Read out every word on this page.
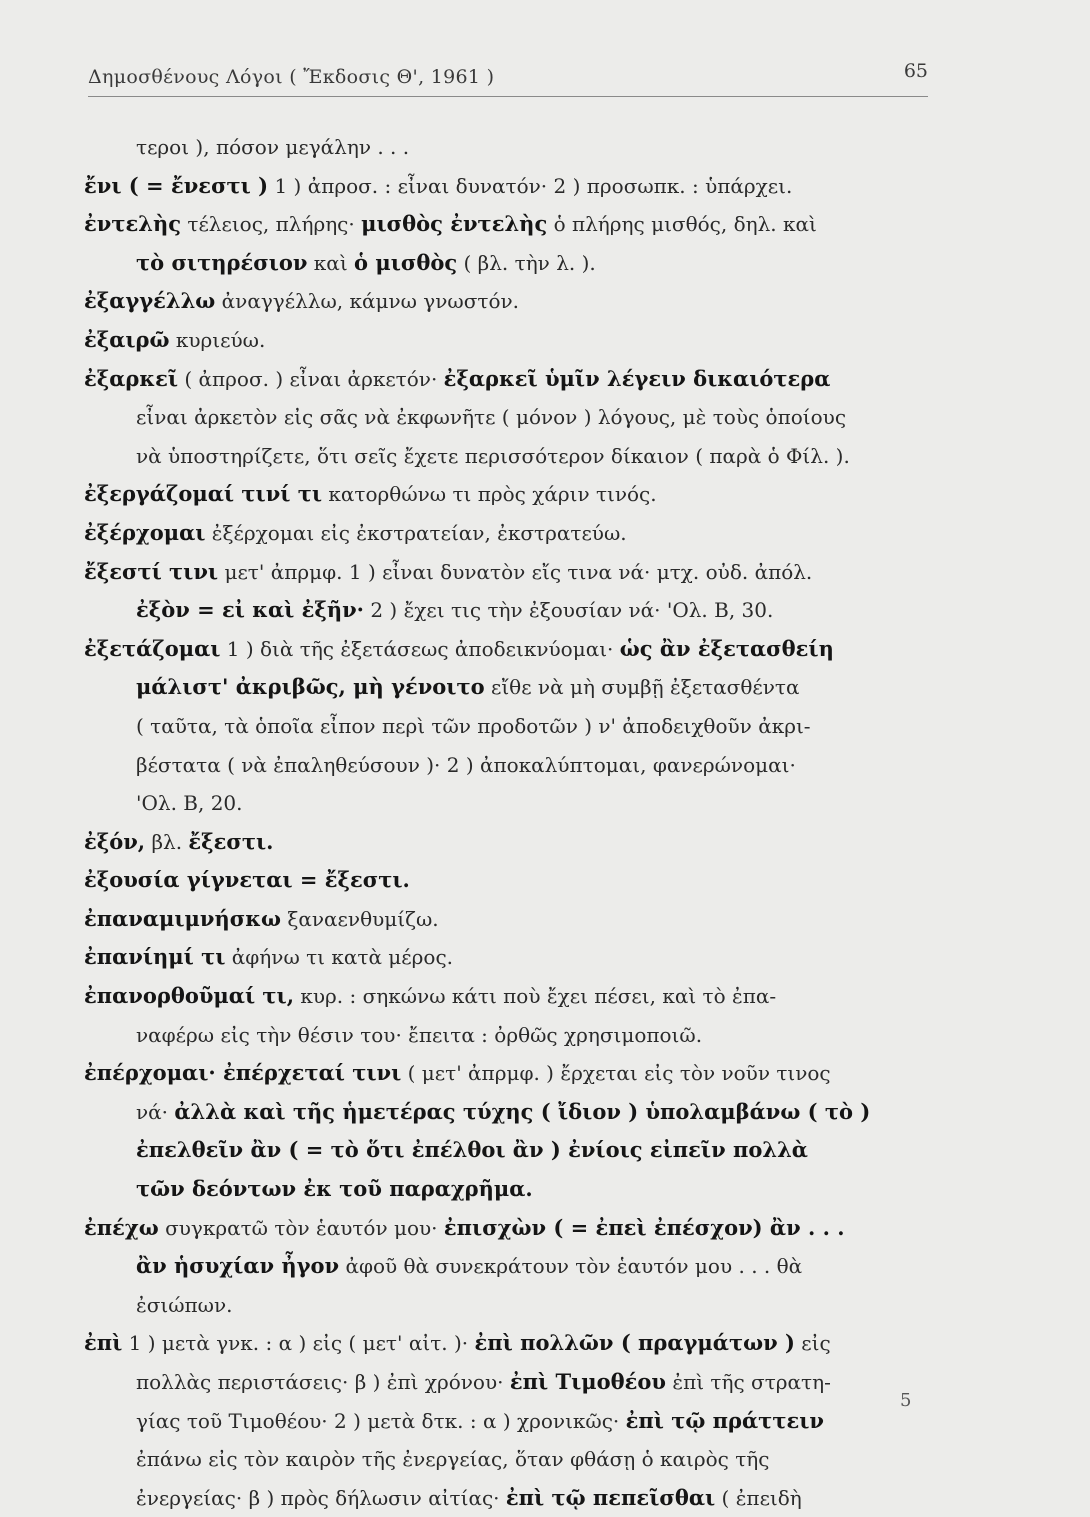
Δημοσθένους Λόγοι ( Ἔκδοσις Θ', 1961 )	65
τεροι ), πόσον μεγάλην . . .
ἔνι ( = ἔνεστι ) 1 ) ἀπροσ. : εἶναι δυνατόν· 2 ) προσωπκ. : ὑπάρχει.
ἐντελὴς τέλειος, πλήρης· μισθὸς ἐντελὴς ὁ πλήρης μισθός, δηλ. καὶ
τὸ σιτηρέσιον καὶ ὁ μισθὸς ( βλ. τὴν λ. ).
ἐξαγγέλλω ἀναγγέλλω, κάμνω γνωστόν.
ἐξαιρῶ κυριεύω.
ἐξαρκεῖ ( ἀπροσ. ) εἶναι ἀρκετόν· ἐξαρκεῖ ὑμῖν λέγειν δικαιότερα
εἶναι ἀρκετὸν εἰς σᾶς νὰ ἐκφωνῆτε ( μόνον ) λόγους, μὲ τοὺς ὁποίους
νὰ ὑποστηρίζετε, ὅτι σεῖς ἔχετε περισσότερον δίκαιον ( παρὰ ὁ Φίλ. ).
ἐξεργάζομαί τινί τι κατορθώνω τι πρὸς χάριν τινός.
ἐξέρχομαι ἐξέρχομαι εἰς ἐκστρατείαν, ἐκστρατεύω.
ἔξεστί τινι μετ' ἀπρμφ. 1 ) εἶναι δυνατὸν εἴς τινα νά· μτχ. οὐδ. ἀπόλ.
ἐξὸν = εἰ καὶ ἐξῆν· 2 ) ἔχει τις τὴν ἐξουσίαν νά· 'Ολ. Β, 30.
ἐξετάζομαι 1 ) διὰ τῆς ἐξετάσεως ἀποδεικνύομαι· ὡς ἂν ἐξετασθείη
μάλιστ' ἀκριβῶς, μὴ γένοιτο εἴθε νὰ μὴ συμβῇ ἐξετασθέντα
( ταῦτα, τὰ ὁποῖα εἶπον περὶ τῶν προδοτῶν ) ν' ἀποδειχθοῦν ἀκρι-
βέστατα ( νὰ ἐπαληθεύσουν )· 2 ) ἀποκαλύπτομαι, φανερώνομαι·
'Ολ. Β, 20.
ἐξόν, βλ. ἔξεστι.
ἐξουσία γίγνεται = ἔξεστι.
ἐπαναμιμνήσκω ξαναενθυμίζω.
ἐπανίημί τι ἀφήνω τι κατὰ μέρος.
ἐπανορθοῦμαί τι, κυρ. : σηκώνω κάτι ποὺ ἔχει πέσει, καὶ τὸ ἐπα-
ναφέρω εἰς τὴν θέσιν του· ἔπειτα : ὀρθῶς χρησιμοποιῶ.
ἐπέρχομαι· ἐπέρχεταί τινι ( μετ' ἀπρμφ. ) ἔρχεται εἰς τὸν νοῦν τινος
νά· ἀλλὰ καὶ τῆς ἡμετέρας τύχης ( ἴδιον ) ὑπολαμβάνω ( τὸ )
ἐπελθεῖν ἂν ( = τὸ ὅτι ἐπέλθοι ἂν ) ἐνίοις εἰπεῖν πολλὰ
τῶν δεόντων ἐκ τοῦ παραχρῆμα.
ἐπέχω συγκρατῶ τὸν ἑαυτόν μου· ἐπισχὼν ( = ἐπεὶ ἐπέσχον) ἂν . . .
ἂν ἡσυχίαν ἦγον ἀφοῦ θὰ συνεκράτουν τὸν ἑαυτόν μου . . . θὰ
ἐσιώπων.
ἐπὶ 1 ) μετὰ γνκ. : α ) εἰς ( μετ' αἰτ. )· ἐπὶ πολλῶν ( πραγμάτων ) εἰς
πολλὰς περιστάσεις· β ) ἐπὶ χρόνου· ἐπὶ Τιμοθέου ἐπὶ τῆς στρατη-
γίας τοῦ Τιμοθέου· 2 ) μετὰ δτκ. : α ) χρονικῶς· ἐπὶ τῷ πράττειν
ἐπάνω εἰς τὸν καιρὸν τῆς ἐνεργείας, ὅταν φθάσῃ ὁ καιρὸς τῆς
ἐνεργείας· β ) πρὸς δήλωσιν αἰτίας· ἐπὶ τῷ πεπεῖσθαι ( ἐπειδὴ
5
